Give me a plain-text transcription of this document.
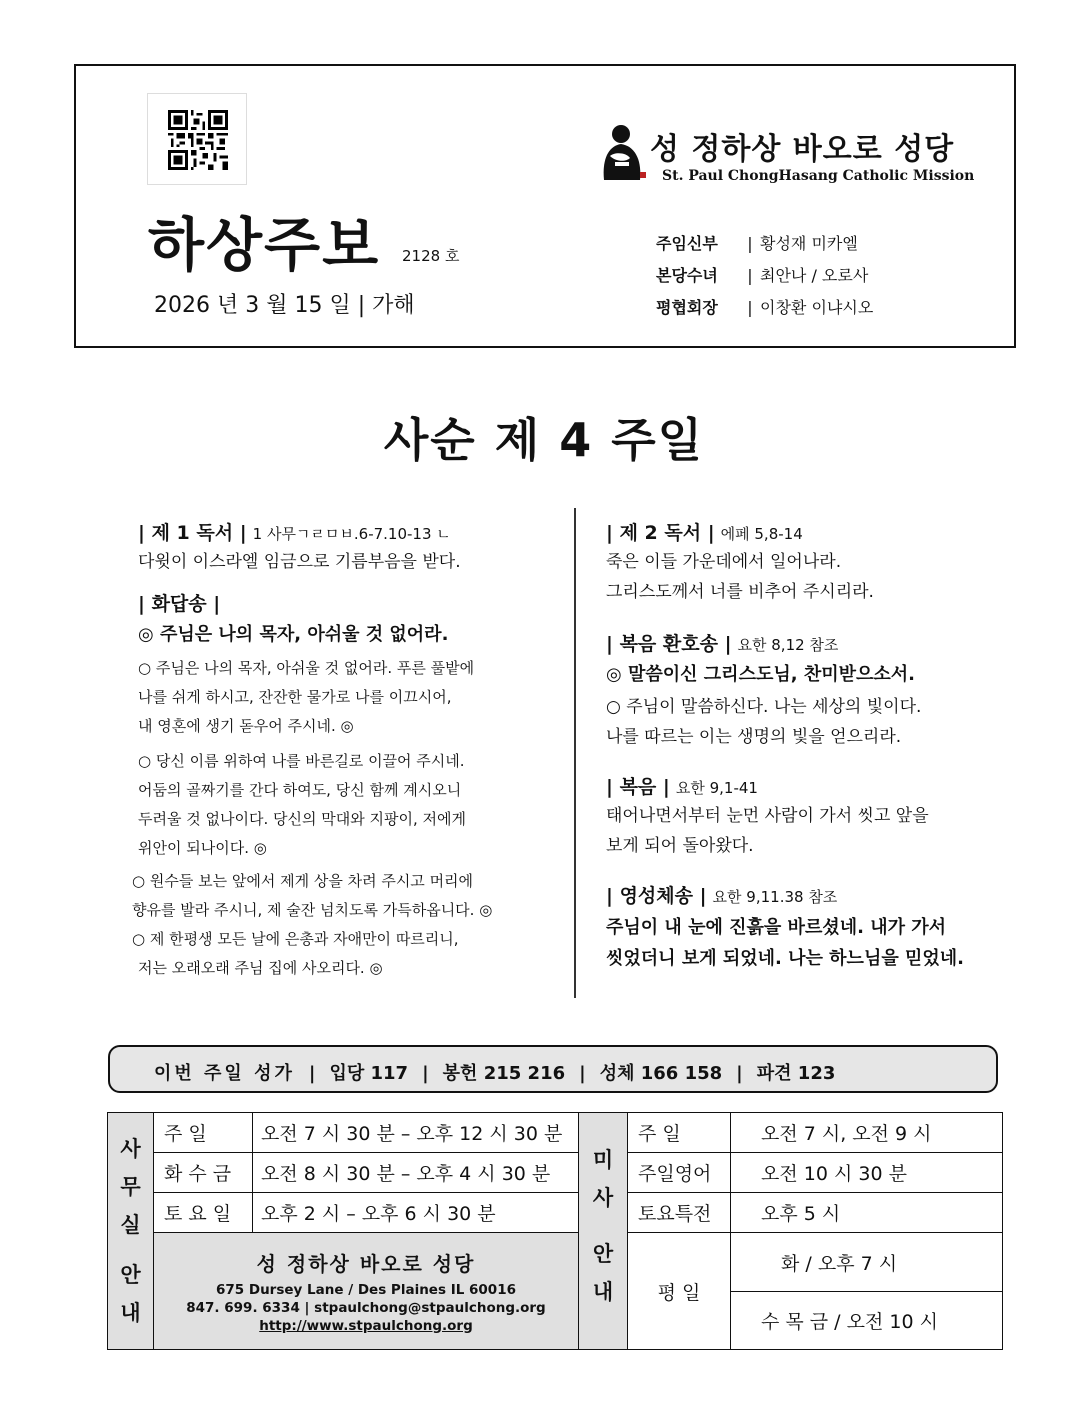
성 정하상 바오로 성당
St. Paul ChongHasang Catholic Mission
하상주보 2128 호
2026 년 3 월 15 일 | 가해
주임신부 | 황성재 미카엘
본당수녀 | 최안나 / 오로사
평협회장 | 이창환 이냐시오
사순 제 4 주일
| 제 1 독서 | 1 사무ㄱㄹㅁㅂ.6-7.10-13 ㄴ
다윗이 이스라엘 임금으로 기름부음을 받다.
| 화답송 |
◎ 주님은 나의 목자, 아쉬울 것 없어라.
○ 주님은 나의 목자, 아쉬울 것 없어라. 푸른 풀밭에
나를 쉬게 하시고, 잔잔한 물가로 나를 이끄시어,
내 영혼에 생기 돋우어 주시네. ◎
○ 당신 이름 위하여 나를 바른길로 이끌어 주시네.
어둠의 골짜기를 간다 하여도, 당신 함께 계시오니
두려울 것 없나이다. 당신의 막대와 지팡이, 저에게
위안이 되나이다. ◎
○ 원수들 보는 앞에서 제게 상을 차려 주시고 머리에
향유를 발라 주시니, 제 술잔 넘치도록 가득하옵니다. ◎
○ 제 한평생 모든 날에 은총과 자애만이 따르리니,
저는 오래오래 주님 집에 사오리다. ◎
| 제 2 독서 | 에페 5,8-14
죽은 이들 가운데에서 일어나라.
그리스도께서 너를 비추어 주시리라.
| 복음 환호송 | 요한 8,12 참조
◎ 말씀이신 그리스도님, 찬미받으소서.
○ 주님이 말씀하신다. 나는 세상의 빛이다.
나를 따르는 이는 생명의 빛을 얻으리라.
| 복음 | 요한 9,1-41
태어나면서부터 눈먼 사람이 가서 씻고 앞을
보게 되어 돌아왔다.
| 영성체송 | 요한 9,11.38 참조
주님이 내 눈에 진흙을 바르셨네. 내가 가서
씻었더니 보게 되었네. 나는 하느님을 믿었네.
이번 주일 성가 | 입당 117 | 봉헌 215 216 | 성체 166 158 | 파견 123
사
무
실
안
내
주 일	오전 7 시 30 분 – 오후 12 시 30 분
화 수 금	오전 8 시 30 분 – 오후 4 시 30 분
토 요 일	오후 2 시 – 오후 6 시 30 분
성 정하상 바오로 성당
675 Dursey Lane / Des Plaines IL 60016
847. 699. 6334 | stpaulchong@stpaulchong.org
http://www.stpaulchong.org
미
사
안
내
주 일	오전 7 시, 오전 9 시
주일영어	오전 10 시 30 분
토요특전	오후 5 시
평 일
화 / 오후 7 시
수 목 금 / 오전 10 시
